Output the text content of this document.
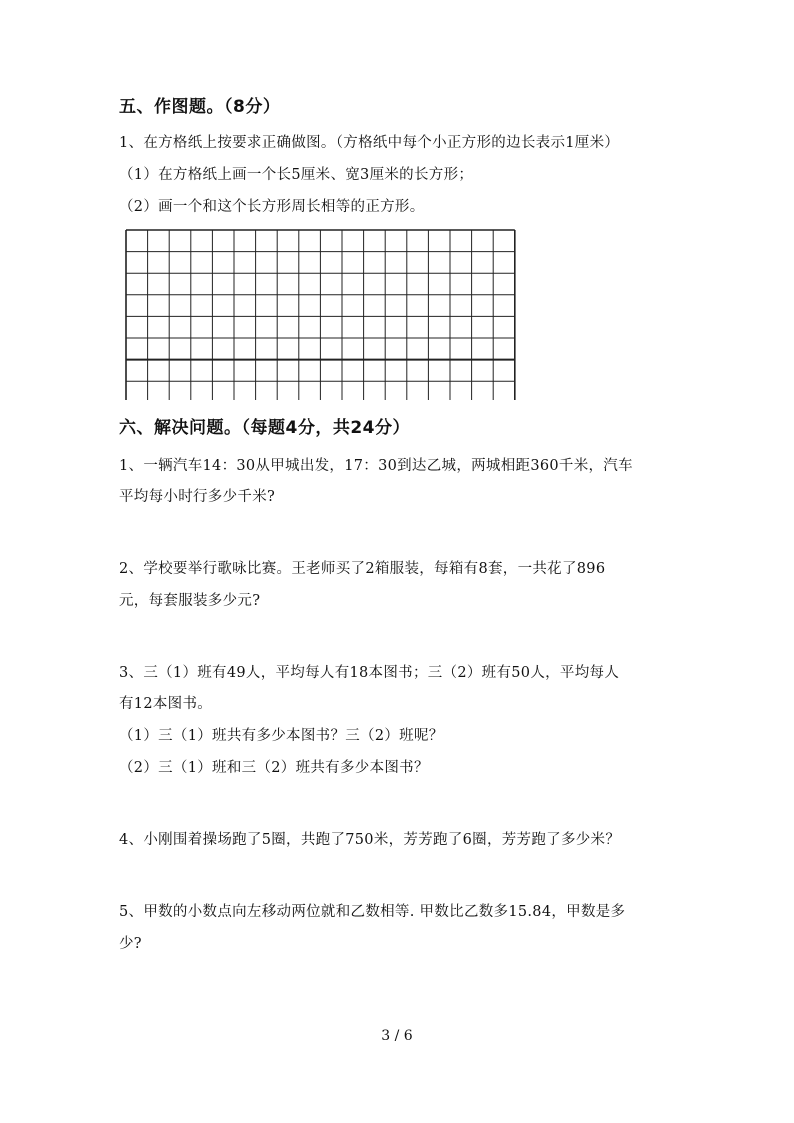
五、作图题。（8分）
1、在方格纸上按要求正确做图。（方格纸中每个小正方形的边长表示1厘米）
（1）在方格纸上画一个长5厘米、宽3厘米的长方形；
（2）画一个和这个长方形周长相等的正方形。
六、解决问题。（每题4分，共24分）
1、一辆汽车14：30从甲城出发，17：30到达乙城，两城相距360千米，汽车
平均每小时行多少千米?
2、学校要举行歌咏比赛。王老师买了2箱服装，每箱有8套，一共花了896
元，每套服装多少元?
3、三（1）班有49人，平均每人有18本图书；三（2）班有50人，平均每人
有12本图书。
（1）三（1）班共有多少本图书？三（2）班呢？
（2）三（1）班和三（2）班共有多少本图书？
4、小刚围着操场跑了5圈，共跑了750米，芳芳跑了6圈，芳芳跑了多少米？
5、甲数的小数点向左移动两位就和乙数相等. 甲数比乙数多15.84，甲数是多
少?
3 / 6
